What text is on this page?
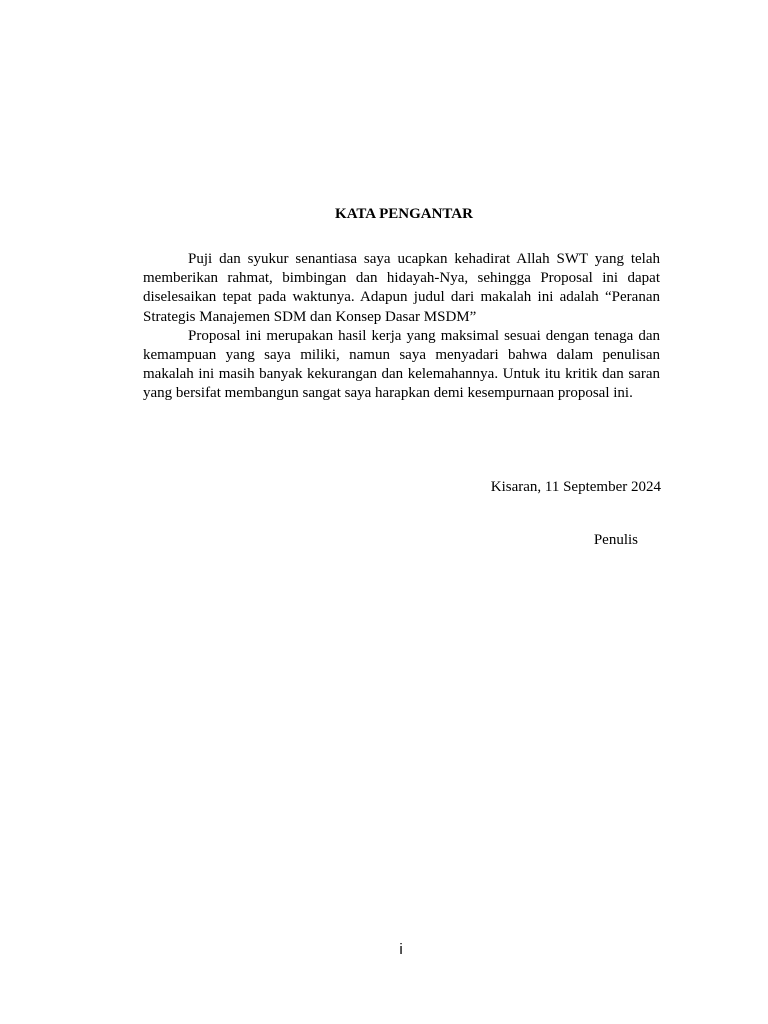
KATA PENGANTAR

Puji dan syukur senantiasa saya ucapkan kehadirat Allah SWT yang telah memberikan rahmat, bimbingan dan hidayah-Nya, sehingga Proposal ini dapat diselesaikan tepat pada waktunya. Adapun judul dari makalah ini adalah “Peranan Strategis Manajemen SDM dan Konsep Dasar MSDM”

Proposal ini merupakan hasil kerja yang maksimal sesuai dengan tenaga dan kemampuan yang saya miliki, namun saya menyadari bahwa dalam penulisan makalah ini masih banyak kekurangan dan kelemahannya. Untuk itu kritik dan saran yang bersifat membangun sangat saya harapkan demi kesempurnaan proposal ini.

Kisaran, 11 September 2024
Penulis
i
